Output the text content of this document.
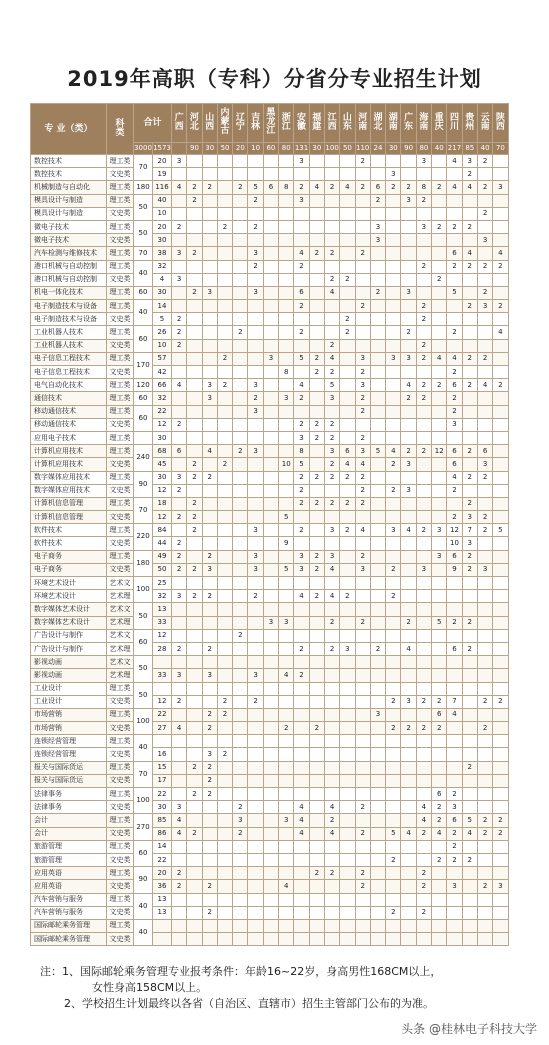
2019年高职（专科）分省分专业招生计划
专 业（类）	科类	合计		广西	河北	山西	内蒙古	辽宁	吉林	黑龙江	浙江	安徽	福建	江西	山东	河南	湖北	湖南	广东	海南	重庆	四川	贵州	云南	陕西
		3000	1573		90	30	50	20	10	60	80	131	30	100	50	110	24	30	90	80	40	217	85	40	70
数控技术	理工类	70	20	3								3				2				3		4	3	2	
数控技术	文史类		19															3					2		
机械制造与自动化	理工类	180	116	4	2	2		2	5	6	8	2	4	2	4	2	6	2	2	8	2	4	4	2	3
模具设计与制造	理工类	50	40		2				2			3					2		3	2					
模具设计与制造	文史类		10																					2	
微电子技术	理工类	50	20	2			2		2								3			3	2	2	2		
微电子技术	文史类		30														3							3	
汽车检测与维修技术	理工类	70	38	3	2				3			4	2	2		2						6	4		4
港口机械与自动控制	理工类	40	32						2			2								2		2	2	2	2
港口机械与自动控制	文史类		4	3										2	2						2				
机电一体化技术	理工类	60	30		2	3			3			6		4			2		3			5		2	
电子制造技术与设备	理工类	40	14									2				2				2			2	3	2
电子制造技术与设备	文史类		5	2											2					2					
工业机器人技术	理工类	60	26	2				2				2			2				2			2			4
工业机器人技术	文史类		10	2										2						2					
电子信息工程技术	理工类	170	57				2			3		5	2	4		3		3	3	2	4	4	2	2	
电子信息工程技术	文史类		42								8		2	2		2						2			
电气自动化技术	理工类	120	66	4		3	2		3			4		5		3			4	2	2	6	2	4	2
通信技术	理工类	60	32			3			2		3	2		3		2			2	2		2			
移动通信技术	理工类	60	22						3							2						2			
移动通信技术	文史类		12	2								2	2	2								3			
应用电子技术	理工类		30									3	2	2		2									
计算机应用技术	理工类	240	68	6		4		2	3			8		3	6	3	5	4	2	2	12	6	2	6	
计算机应用技术	文史类		45		2		2				10	5		2	4	4		2	3			6		3	
数字媒体应用技术	理工类	90	30	3	2	2						2	2	2	2	2						4	2	2	
数字媒体应用技术	文史类		12	2								2				2		2	3			2			
计算机信息管理	理工类	70	18		2							2	2	2	2	2							2		
计算机信息管理	文史类		12	2	2						5											2	3	2	
软件技术	理工类	220	84		2				3			2		3	2	4		3	4	2	3	12	7	2	5
软件技术	文史类		44	2							9											10	3		
电子商务	理工类	180	49	2		2			3			3	2	3		2					3	6	2		
电子商务	文史类		50	2	2	3			3		5	3	2	4		3		2		3		9	2	3	
环境艺术设计	艺术文	100	25																						
环境艺术设计	艺术理		32	3	2	2			2			4	2	4	2			2							
数字媒体艺术设计	艺术文	50	13																						
数字媒体艺术设计	艺术理		33							3	3			2		2			2		5	2	2		
广告设计与制作	艺术文	60	12					2																	
广告设计与制作	艺术理		28	2		2						2		2	3		2		4			6	2		
影视动画	艺术文	50																							
影视动画	艺术理		33	3		3			3		4	2													
工业设计	理工类	50																							
工业设计	文史类		12	2			2		2									2	3	2	2	7		2	2
市场营销	理工类	100	22			2	2										3				6	4			
市场营销	文史类		27	4		2					2		2					2	2	2	2			2	
连锁经营管理	理工类	40																							
连锁经营管理	文史类		16			3	2																		
报关与国际货运	理工类	70	15		2	2																	2		
报关与国际货运	文史类		17			2																			
法律事务	理工类	100	22		2	2															6	2			
法律事务	文史类		30	3				2				4		4		2				4	2	3			
会计	理工类	270	85	4				3			3	4		2						4	2	6	5	2	2
会计	文史类		86	4	2			2				4		4		2		5	4	2	4	2	4	2	2
旅游管理	理工类	60	14																			2			
旅游管理	文史类		22															2			2	2	2		
应用英语	理工类	90	20	2									2	2		2				2					
应用英语	文史类		36	2		2					4					2				2		3		2	3
汽车营销与服务	理工类	40	13																						
汽车营销与服务	文史类		13			2												2		2					
国际邮轮乘务管理	理工类	40																							
国际邮轮乘务管理	文史类																								

注：1、国际邮轮乘务管理专业报考条件：年龄16~22岁，身高男性168CM以上，

女性身高158CM以上。

2、学校招生计划最终以各省（自治区、直辖市）招生主管部门公布的为准。

头条 @桂林电子科技大学
